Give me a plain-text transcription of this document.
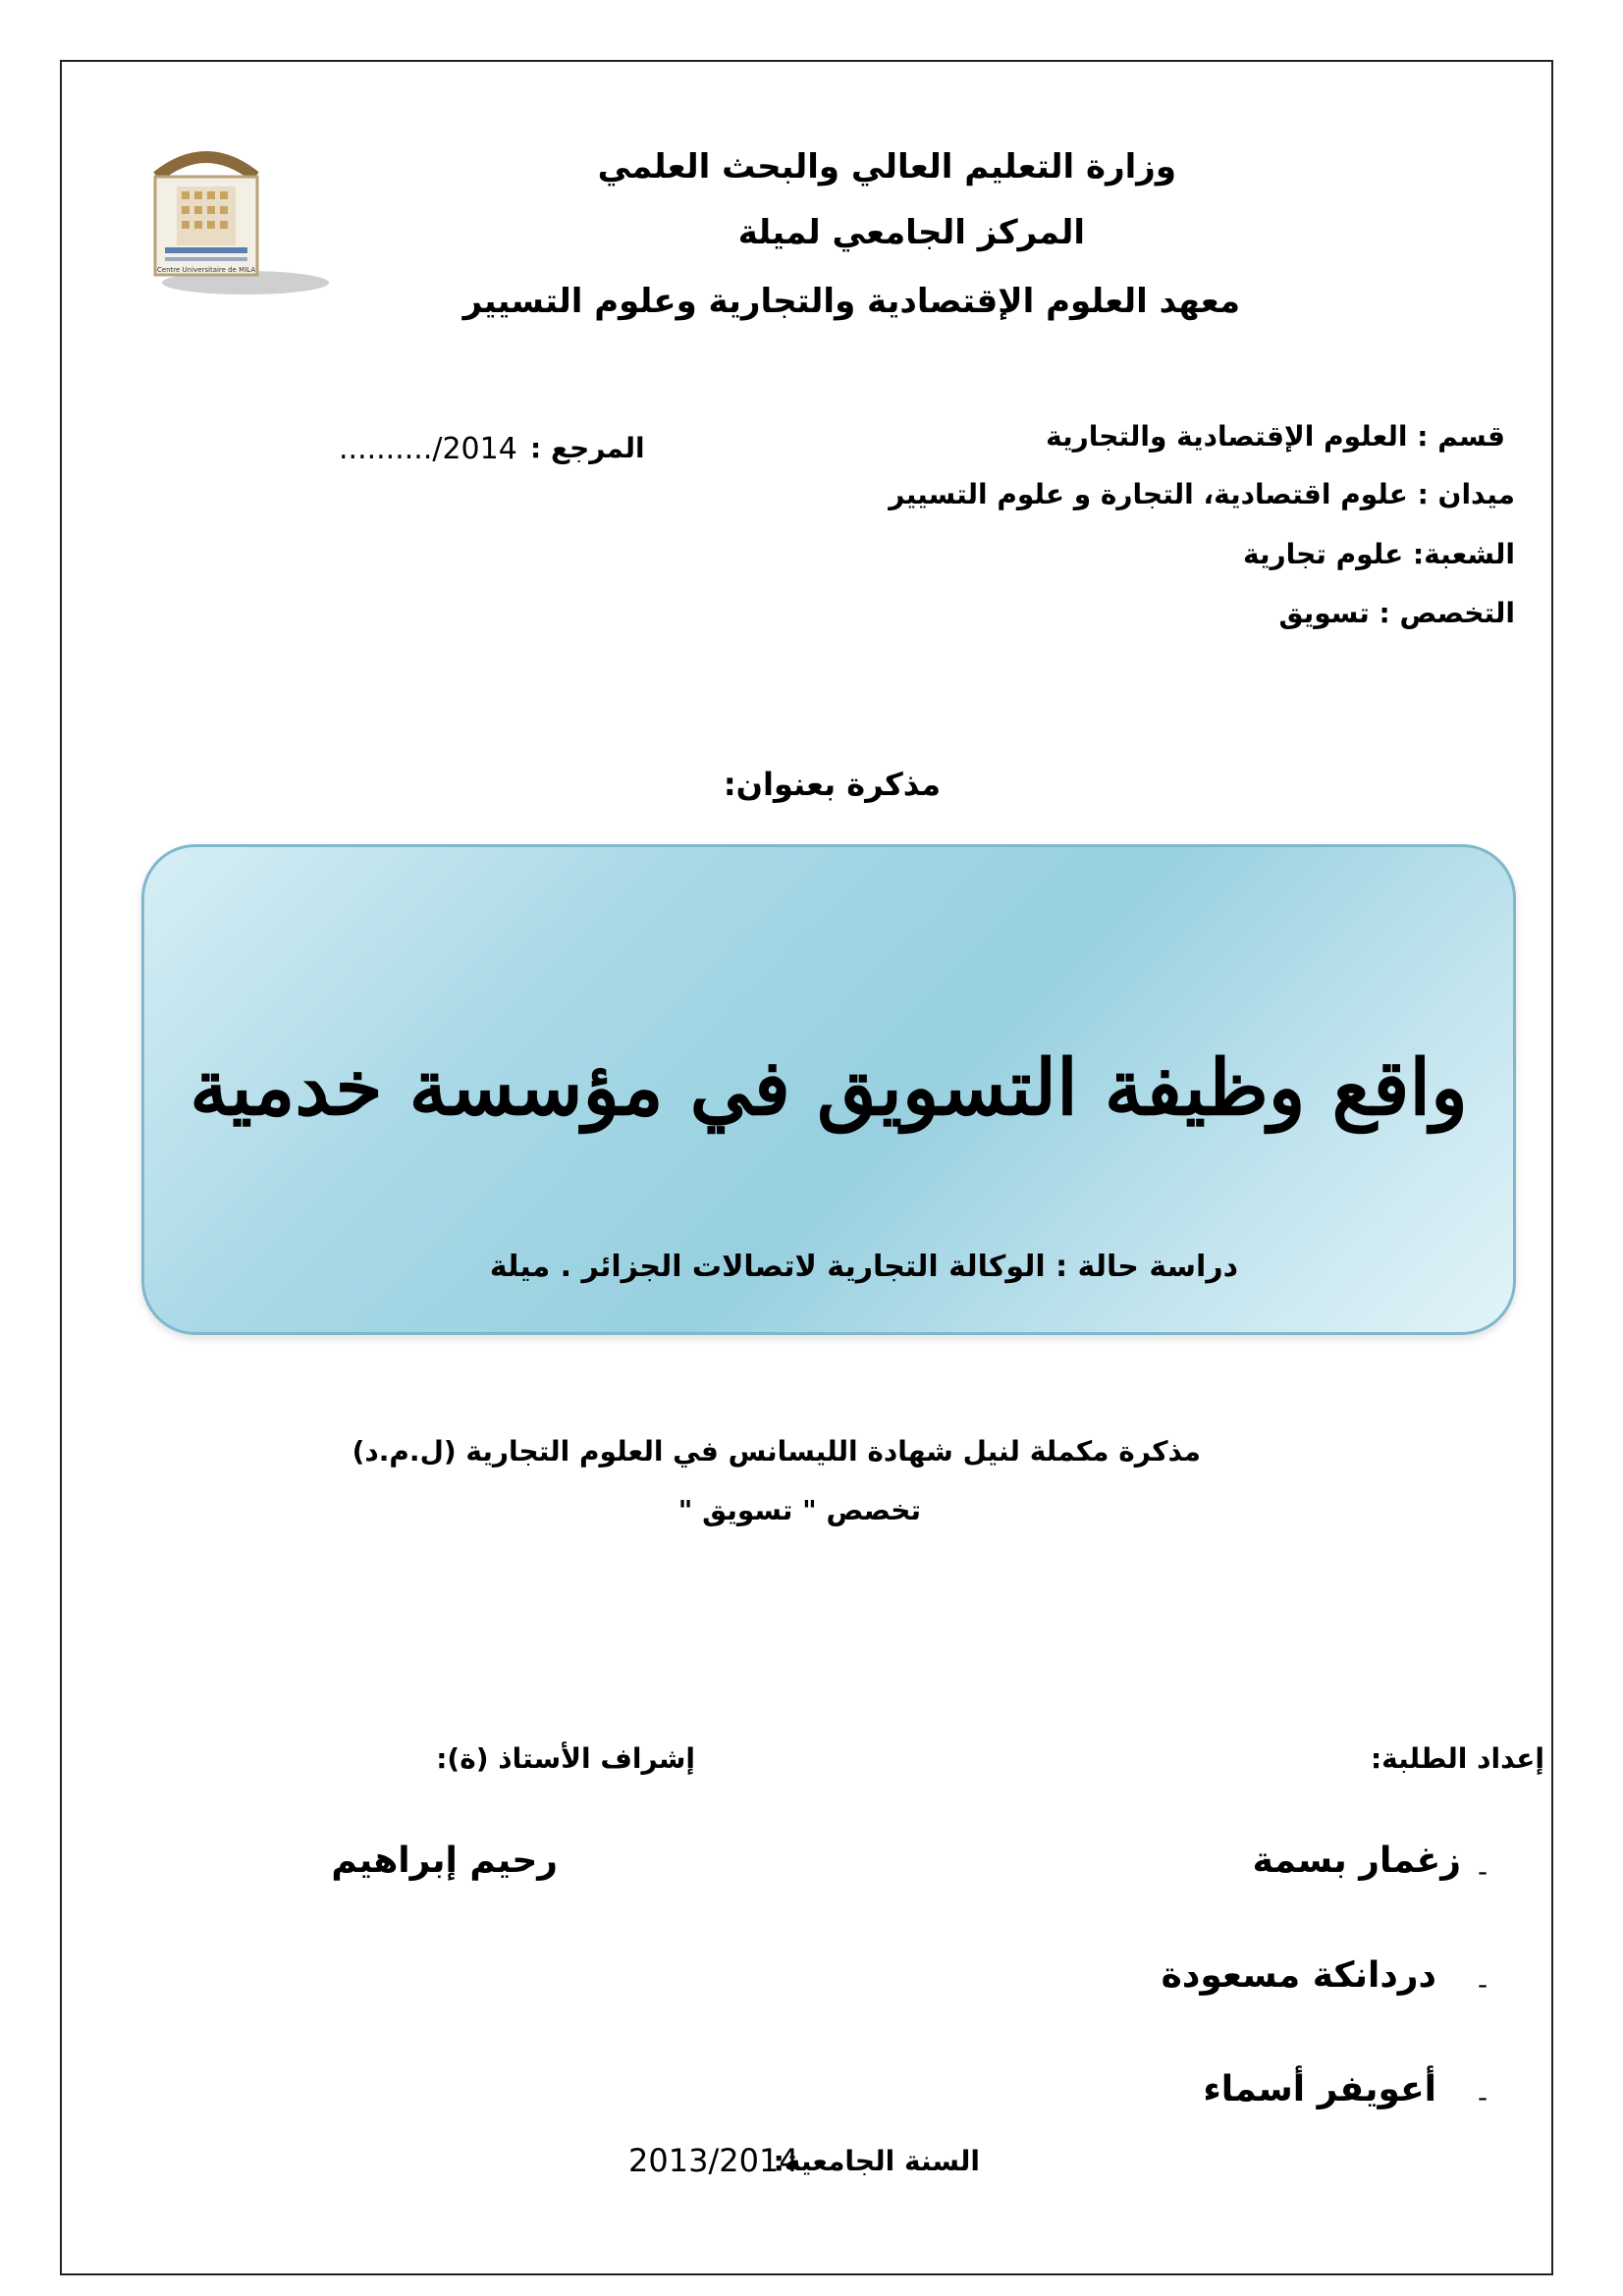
Centre Universitaire de MILA
وزارة التعليم العالي والبحث العلمي
المركز الجامعي لميلة
معهد العلوم الإقتصادية والتجارية وعلوم التسيير
قسم : العلوم الإقتصادية والتجارية
ميدان : علوم اقتصادية، التجارة و علوم التسيير
الشعبة: علوم تجارية
التخصص : تسويق
المرجع :
........../2014
مذكرة بعنوان:
واقع وظيفة التسويق في مؤسسة خدمية
دراسة حالة : الوكالة التجارية لاتصالات الجزائر . ميلة
مذكرة مكملة لنيل شهادة الليسانس في العلوم التجارية (ل.م.د)
تخصص " تسويق "
إعداد الطلبة:
إشراف الأستاذ (ة):
-
زغمار بسمة
رحيم إبراهيم
-
دردانكة مسعودة
-
أعويفر أسماء
السنة الجامعية:
2013/2014
